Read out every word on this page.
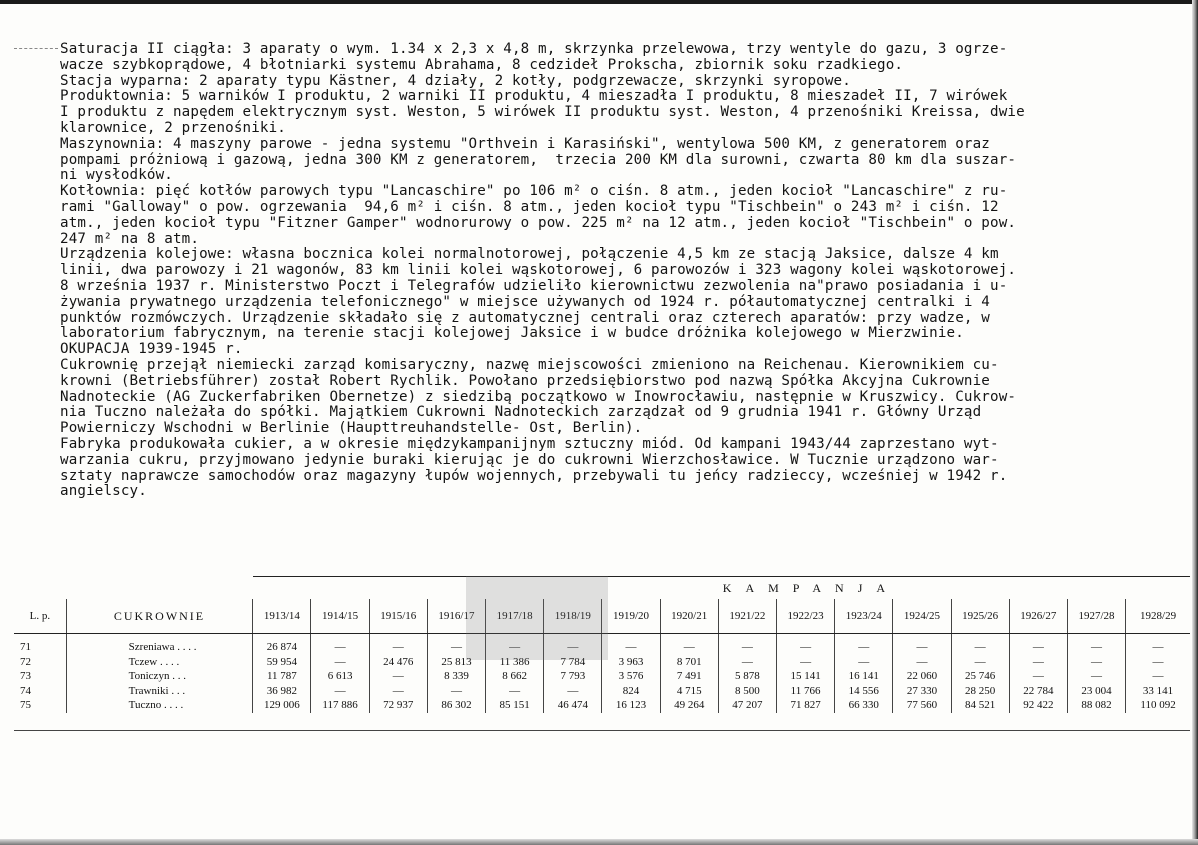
Saturacja II ciągła: 3 aparaty o wym. 1.34 x 2,3 x 4,8 m, skrzynka przelewowa, trzy wentyle do gazu, 3 ogrze-
wacze szybkoprądowe, 4 błotniarki systemu Abrahama, 8 cedzideł Prokscha, zbiornik soku rzadkiego.
Stacja wyparna: 2 aparaty typu Kästner, 4 działy, 2 kotły, podgrzewacze, skrzynki syropowe.
Produktownia: 5 warników I produktu, 2 warniki II produktu, 4 mieszadła I produktu, 8 mieszadeł II, 7 wirówek
I produktu z napędem elektrycznym syst. Weston, 5 wirówek II produktu syst. Weston, 4 przenośniki Kreissa, dwie
klarownice, 2 przenośniki.
Maszynownia: 4 maszyny parowe - jedna systemu "Orthvein i Karasiński", wentylowa 500 KM, z generatorem oraz
pompami próżniową i gazową, jedna 300 KM z generatorem,  trzecia 200 KM dla surowni, czwarta 80 km dla suszar-
ni wysłodków.
Kotłownia: pięć kotłów parowych typu "Lancaschire" po 106 m² o ciśn. 8 atm., jeden kocioł "Lancaschire" z ru-
rami "Galloway" o pow. ogrzewania  94,6 m² i ciśn. 8 atm., jeden kocioł typu "Tischbein" o 243 m² i ciśn. 12
atm., jeden kocioł typu "Fitzner Gamper" wodnorurowy o pow. 225 m² na 12 atm., jeden kocioł "Tischbein" o pow.
247 m² na 8 atm.
Urządzenia kolejowe: własna bocznica kolei normalnotorowej, połączenie 4,5 km ze stacją Jaksice, dalsze 4 km
linii, dwa parowozy i 21 wagonów, 83 km linii kolei wąskotorowej, 6 parowozów i 323 wagony kolei wąskotorowej.
8 września 1937 r. Ministerstwo Poczt i Telegrafów udzieliło kierownictwu zezwolenia na"prawo posiadania i u-
żywania prywatnego urządzenia telefonicznego" w miejsce używanych od 1924 r. półautomatycznej centralki i 4
punktów rozmówczych. Urządzenie składało się z automatycznej centrali oraz czterech aparatów: przy wadze, w
laboratorium fabrycznym, na terenie stacji kolejowej Jaksice i w budce dróżnika kolejowego w Mierzwinie.
OKUPACJA 1939-1945 r.
Cukrownię przejął niemiecki zarząd komisaryczny, nazwę miejscowości zmieniono na Reichenau. Kierownikiem cu-
krowni (Betriebsführer) został Robert Rychlik. Powołano przedsiębiorstwo pod nazwą Spółka Akcyjna Cukrownie
Nadnoteckie (AG Zuckerfabriken Obernetze) z siedzibą początkowo w Inowrocławiu, następnie w Kruszwicy. Cukrow-
nia Tuczno należała do spółki. Majątkiem Cukrowni Nadnoteckich zarządzał od 9 grudnia 1941 r. Główny Urząd
Powierniczy Wschodni w Berlinie (Haupttreuhandstelle- Ost, Berlin).
Fabryka produkowała cukier, a w okresie międzykampanijnym sztuczny miód. Od kampani 1943/44 zaprzestano wyt-
warzania cukru, przyjmowano jedynie buraki kierując je do cukrowni Wierzchosławice. W Tucznie urządzono war-
sztaty naprawcze samochodów oraz magazyny łupów wojennych, przebywali tu jeńcy radzieccy, wcześniej w 1942 r.
angielscy.
		KAMPANJA															
L. p.	CUKROWNIE	1913/14	1914/15	1915/16	1916/17	1917/18	1918/19	1919/20	1920/21	1921/22	1922/23	1923/24	1924/25	1925/26	1926/27	1927/28	1928/29
71	Szreniawa . . . .	26 874	—	—	—	—	—	—	—	—	—	—	—	—	—	—	—
72	Tczew . . . .	59 954	—	24 476	25 813	11 386	7 784	3 963	8 701	—	—	—	—	—	—	—	—
73	Toniczyn . . .	11 787	6 613	—	8 339	8 662	7 793	3 576	7 491	5 878	15 141	16 141	22 060	25 746	—	—	—
74	Trawniki . . .	36 982	—	—	—	—	—	824	4 715	8 500	11 766	14 556	27 330	28 250	22 784	23 004	33 141
75	Tuczno . . . .	129 006	117 886	72 937	86 302	85 151	46 474	16 123	49 264	47 207	71 827	66 330	77 560	84 521	92 422	88 082	110 092
